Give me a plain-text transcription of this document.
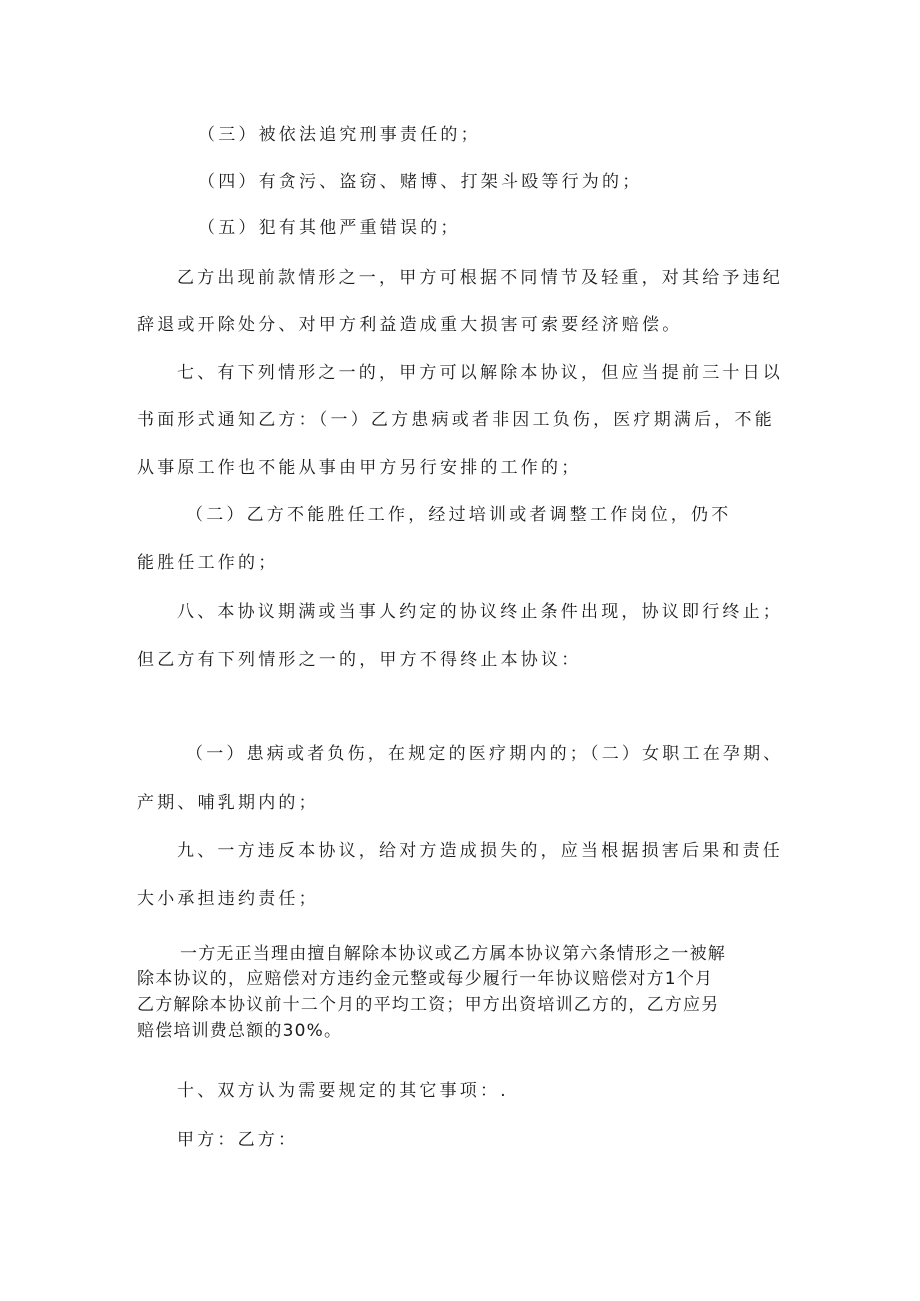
（三）被依法追究刑事责任的；
（四）有贪污、盗窃、赌博、打架斗殴等行为的；
（五）犯有其他严重错误的；
乙方出现前款情形之一，甲方可根据不同情节及轻重，对其给予违纪
辞退或开除处分、对甲方利益造成重大损害可索要经济赔偿。
七、有下列情形之一的，甲方可以解除本协议，但应当提前三十日以
书面形式通知乙方：（一）乙方患病或者非因工负伤，医疗期满后，不能
从事原工作也不能从事由甲方另行安排的工作的；
（二）乙方不能胜任工作，经过培训或者调整工作岗位，仍不
能胜任工作的；
八、本协议期满或当事人约定的协议终止条件出现，协议即行终止；
但乙方有下列情形之一的，甲方不得终止本协议：
（一）患病或者负伤，在规定的医疗期内的；（二）女职工在孕期、
产期、哺乳期内的；
九、一方违反本协议，给对方造成损失的，应当根据损害后果和责任
大小承担违约责任；
一方无正当理由擅自解除本协议或乙方属本协议第六条情形之一被解
除本协议的，应赔偿对方违约金元整或每少履行一年协议赔偿对方1个月
乙方解除本协议前十二个月的平均工资；甲方出资培训乙方的，乙方应另
赔偿培训费总额的30%。
十、双方认为需要规定的其它事项：.
甲方：乙方：
